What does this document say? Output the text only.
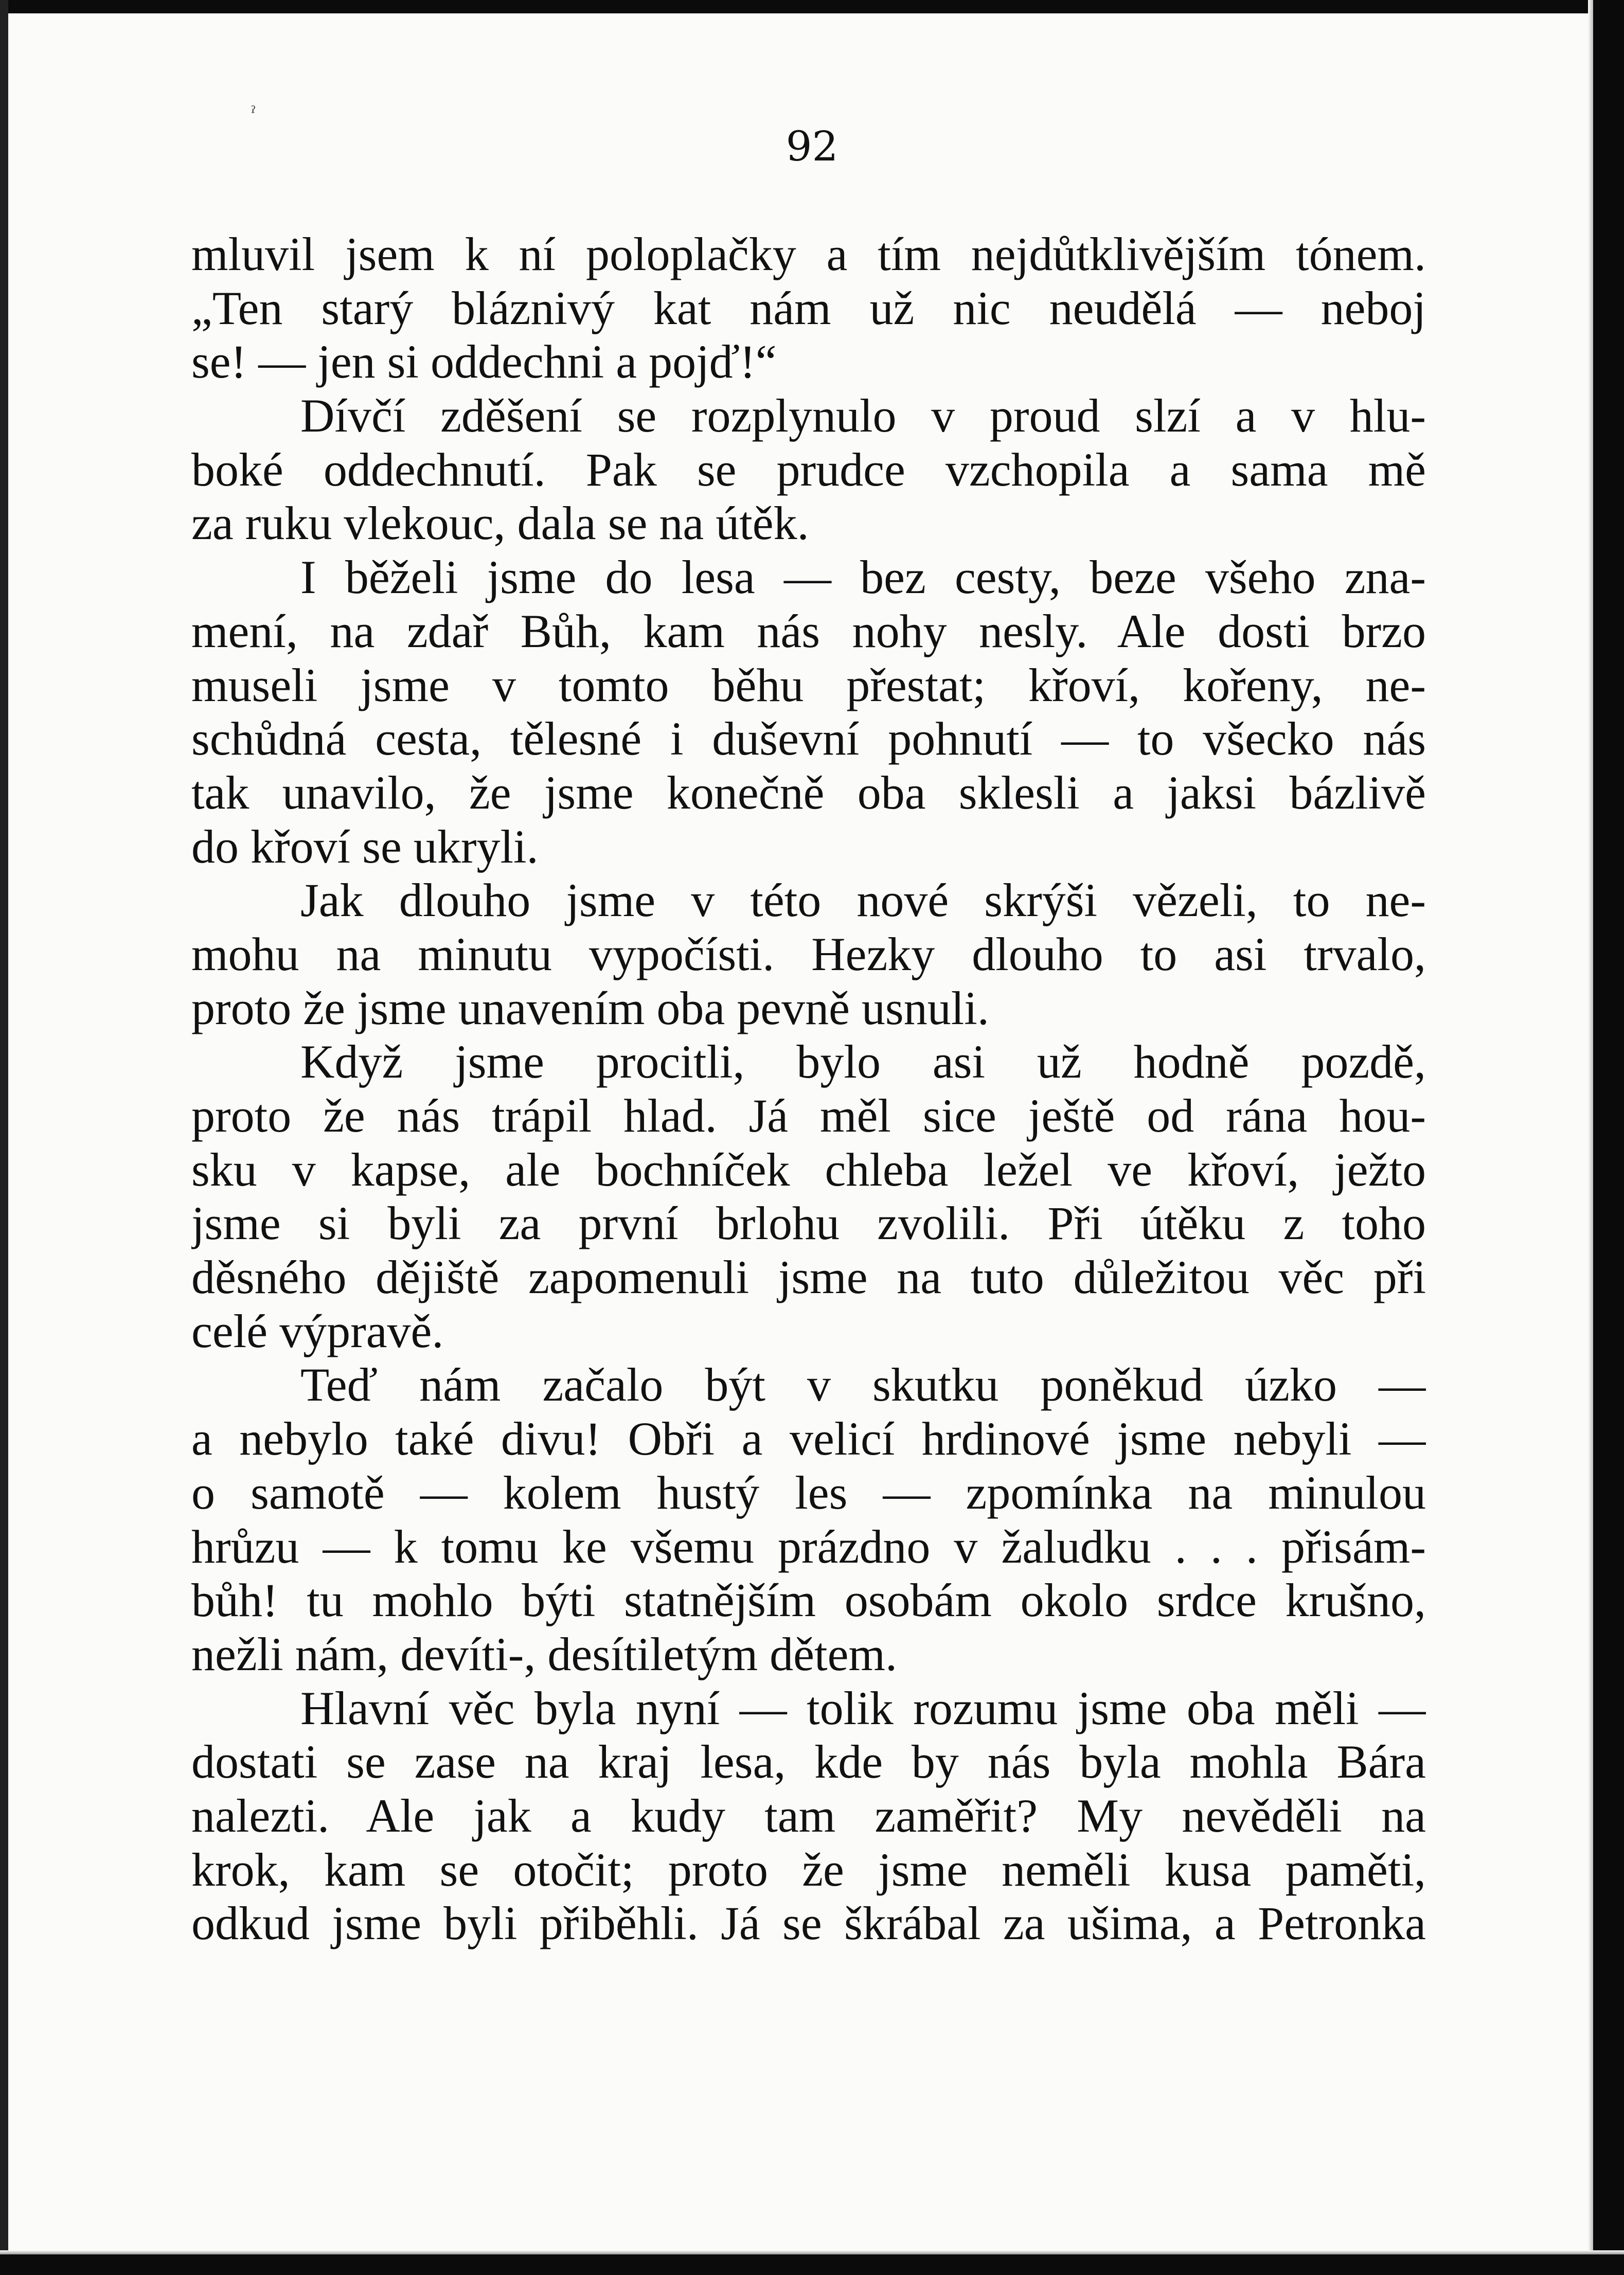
ˀ
92
mluvil jsem k ní poloplačky a tím nejdůtklivějším tónem.
„Ten starý bláznivý kat nám už nic neudělá — neboj
se! — jen si oddechni a pojď!“
Dívčí zděšení se rozplynulo v proud slzí a v hlu-
boké oddechnutí. Pak se prudce vzchopila a sama mě
za ruku vlekouc, dala se na útěk.
I běželi jsme do lesa — bez cesty, beze všeho zna-
mení, na zdař Bůh, kam nás nohy nesly. Ale dosti brzo
museli jsme v tomto běhu přestat; křoví, kořeny, ne-
schůdná cesta, tělesné i duševní pohnutí — to všecko nás
tak unavilo, že jsme konečně oba sklesli a jaksi bázlivě
do křoví se ukryli.
Jak dlouho jsme v této nové skrýši vězeli, to ne-
mohu na minutu vypočísti. Hezky dlouho to asi trvalo,
proto že jsme unavením oba pevně usnuli.
Když jsme procitli, bylo asi už hodně pozdě,
proto že nás trápil hlad. Já měl sice ještě od rána hou-
sku v kapse, ale bochníček chleba ležel ve křoví, ježto
jsme si byli za první brlohu zvolili. Při útěku z toho
děsného dějiště zapomenuli jsme na tuto důležitou věc při
celé výpravě.
Teď nám začalo být v skutku poněkud úzko —
a nebylo také divu! Obři a velicí hrdinové jsme nebyli —
o samotě — kolem hustý les — zpomínka na minulou
hrůzu — k tomu ke všemu prázdno v žaludku . . . přisám-
bůh! tu mohlo býti statnějším osobám okolo srdce krušno,
nežli nám, devíti-, desítiletým dětem.
Hlavní věc byla nyní — tolik rozumu jsme oba měli —
dostati se zase na kraj lesa, kde by nás byla mohla Bára
nalezti. Ale jak a kudy tam zaměřit? My nevěděli na
krok, kam se otočit; proto že jsme neměli kusa paměti,
odkud jsme byli přiběhli. Já se škrábal za ušima, a Petronka
